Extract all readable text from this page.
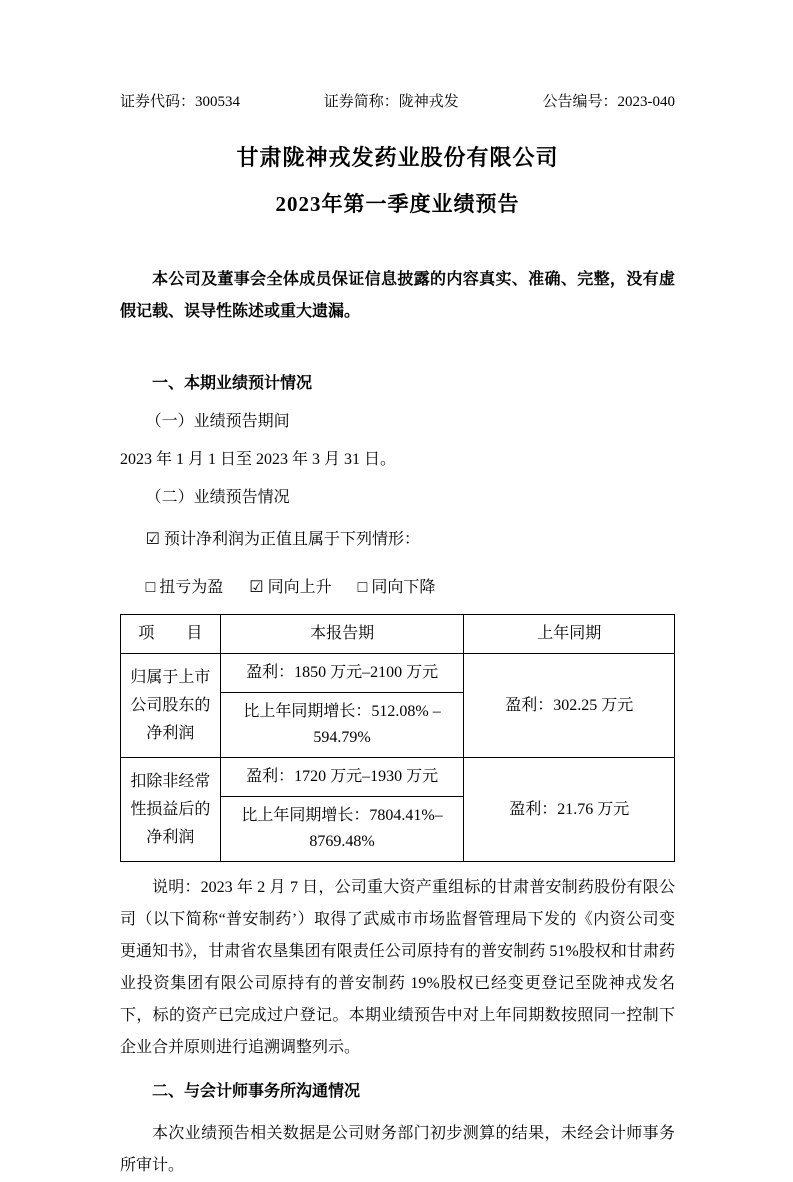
证券代码：300534	证券简称：陇神戎发	公告编号：2023-040
甘肃陇神戎发药业股份有限公司
2023年第一季度业绩预告

本公司及董事会全体成员保证信息披露的内容真实、准确、完整，没有虚假记载、误导性陈述或重大遗漏。

一、本期业绩预计情况
（一）业绩预告期间
2023 年 1 月 1 日至 2023 年 3 月 31 日。
（二）业绩预告情况
☑ 预计净利润为正值且属于下列情形：
□ 扭亏为盈 ☑ 同向上升 □ 同向下降
项　　目	本报告期	上年同期
归属于上市公司股东的净利润	盈利：1850 万元–2100 万元	盈利：302.25 万元
	比上年同期增长：512.08% – 594.79%	
扣除非经常性损益后的净利润	盈利：1720 万元–1930 万元	盈利：21.76 万元
	比上年同期增长：7804.41%–8769.48%	

说明：2023 年 2 月 7 日，公司重大资产重组标的甘肃普安制药股份有限公司（以下简称“普安制药’）取得了武威市市场监督管理局下发的《内资公司变更通知书》，甘肃省农垦集团有限责任公司原持有的普安制药 51%股权和甘肃药业投资集团有限公司原持有的普安制药 19%股权已经变更登记至陇神戎发名下，标的资产已完成过户登记。本期业绩预告中对上年同期数按照同一控制下企业合并原则进行追溯调整列示。

二、与会计师事务所沟通情况

本次业绩预告相关数据是公司财务部门初步测算的结果，未经会计师事务所审计。
